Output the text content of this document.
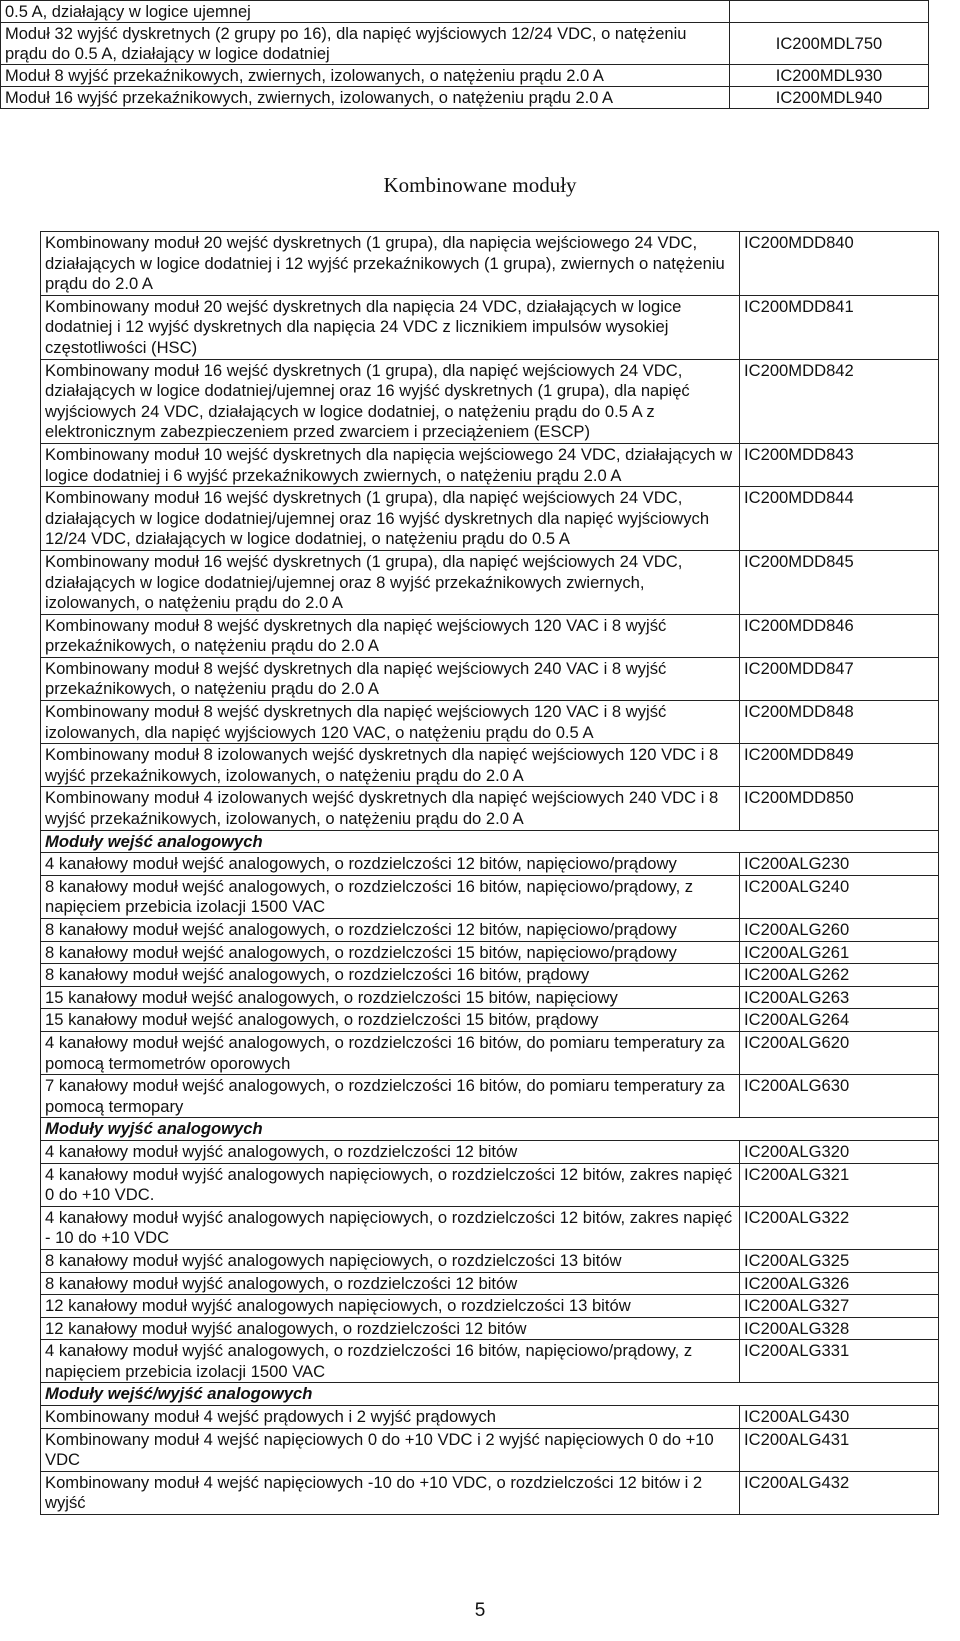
0.5 A, działający w logice ujemnej	
Moduł 32 wyjść dyskretnych (2 grupy po 16), dla napięć wyjściowych 12/24 VDC, o natężeniu prądu do 0.5 A, działający w logice dodatniej	IC200MDL750
Moduł 8 wyjść przekaźnikowych, zwiernych, izolowanych, o natężeniu prądu 2.0 A	IC200MDL930
Moduł 16 wyjść przekaźnikowych, zwiernych, izolowanych, o natężeniu prądu 2.0 A	IC200MDL940
Kombinowane moduły
Kombinowany moduł 20 wejść dyskretnych (1 grupa), dla napięcia wejściowego 24 VDC, działających w logice dodatniej i 12 wyjść przekaźnikowych (1 grupa), zwiernych o natężeniu prądu do 2.0 A	IC200MDD840
Kombinowany moduł 20 wejść dyskretnych dla napięcia 24 VDC, działających w logice dodatniej i 12 wyjść dyskretnych dla napięcia 24 VDC z licznikiem impulsów wysokiej częstotliwości (HSC)	IC200MDD841
Kombinowany moduł 16 wejść dyskretnych (1 grupa), dla napięć wejściowych 24 VDC, działających w logice dodatniej/ujemnej oraz 16 wyjść dyskretnych (1 grupa), dla napięć wyjściowych 24 VDC, działających w logice dodatniej, o natężeniu prądu do 0.5 A z elektronicznym zabezpieczeniem przed zwarciem i przeciążeniem (ESCP)	IC200MDD842
Kombinowany moduł 10 wejść dyskretnych dla napięcia wejściowego 24 VDC, działających w logice dodatniej i 6 wyjść przekaźnikowych zwiernych, o natężeniu prądu 2.0 A	IC200MDD843
Kombinowany moduł 16 wejść dyskretnych (1 grupa), dla napięć wejściowych 24 VDC, działających w logice dodatniej/ujemnej oraz 16 wyjść dyskretnych dla napięć wyjściowych 12/24 VDC, działających w logice dodatniej, o natężeniu prądu do 0.5 A	IC200MDD844
Kombinowany moduł 16 wejść dyskretnych (1 grupa), dla napięć wejściowych 24 VDC, działających w logice dodatniej/ujemnej oraz 8 wyjść przekaźnikowych zwiernych, izolowanych, o natężeniu prądu do 2.0 A	IC200MDD845
Kombinowany moduł 8 wejść dyskretnych dla napięć wejściowych 120 VAC i 8 wyjść przekaźnikowych, o natężeniu prądu do 2.0 A	IC200MDD846
Kombinowany moduł 8 wejść dyskretnych dla napięć wejściowych 240 VAC i 8 wyjść przekaźnikowych, o natężeniu prądu do 2.0 A	IC200MDD847
Kombinowany moduł 8 wejść dyskretnych dla napięć wejściowych 120 VAC i 8 wyjść izolowanych, dla napięć wyjściowych 120 VAC, o natężeniu prądu do 0.5 A	IC200MDD848
Kombinowany moduł 8 izolowanych wejść dyskretnych dla napięć wejściowych 120 VDC i 8 wyjść przekaźnikowych, izolowanych, o natężeniu prądu do 2.0 A	IC200MDD849
Kombinowany moduł 4 izolowanych wejść dyskretnych dla napięć wejściowych 240 VDC i 8 wyjść przekaźnikowych, izolowanych, o natężeniu prądu do 2.0 A	IC200MDD850
Moduły wejść analogowych	
4 kanałowy moduł wejść analogowych, o rozdzielczości 12 bitów, napięciowo/prądowy	IC200ALG230
8 kanałowy moduł wejść analogowych, o rozdzielczości 16 bitów, napięciowo/prądowy, z napięciem przebicia izolacji 1500 VAC	IC200ALG240
8 kanałowy moduł wejść analogowych, o rozdzielczości 12 bitów, napięciowo/prądowy	IC200ALG260
8 kanałowy moduł wejść analogowych, o rozdzielczości 15 bitów, napięciowo/prądowy	IC200ALG261
8 kanałowy moduł wejść analogowych, o rozdzielczości 16 bitów, prądowy	IC200ALG262
15 kanałowy moduł wejść analogowych, o rozdzielczości 15 bitów, napięciowy	IC200ALG263
15 kanałowy moduł wejść analogowych, o rozdzielczości 15 bitów, prądowy	IC200ALG264
4 kanałowy moduł wejść analogowych, o rozdzielczości 16 bitów, do pomiaru temperatury za pomocą termometrów oporowych	IC200ALG620
7 kanałowy moduł wejść analogowych, o rozdzielczości 16 bitów, do pomiaru temperatury za pomocą termopary	IC200ALG630
Moduły wyjść analogowych	
4 kanałowy moduł wyjść analogowych, o rozdzielczości 12 bitów	IC200ALG320
4 kanałowy moduł wyjść analogowych napięciowych, o rozdzielczości 12 bitów, zakres napięć 0 do +10 VDC.	IC200ALG321
4 kanałowy moduł wyjść analogowych napięciowych, o rozdzielczości 12 bitów, zakres napięć - 10 do +10 VDC	IC200ALG322
8 kanałowy moduł wyjść analogowych napięciowych, o rozdzielczości 13 bitów	IC200ALG325
8 kanałowy moduł wyjść analogowych, o rozdzielczości 12 bitów	IC200ALG326
12 kanałowy moduł wyjść analogowych napięciowych, o rozdzielczości 13 bitów	IC200ALG327
12 kanałowy moduł wyjść analogowych, o rozdzielczości 12 bitów	IC200ALG328
4 kanałowy moduł wyjść analogowych, o rozdzielczości 16 bitów, napięciowo/prądowy, z napięciem przebicia izolacji 1500 VAC	IC200ALG331
Moduły wejść/wyjść analogowych	
Kombinowany moduł 4 wejść prądowych i 2 wyjść prądowych	IC200ALG430
Kombinowany moduł 4 wejść napięciowych 0 do +10 VDC i 2 wyjść napięciowych 0 do +10 VDC	IC200ALG431
Kombinowany moduł 4 wejść napięciowych -10 do +10 VDC, o rozdzielczości 12 bitów i 2 wyjść	IC200ALG432
5
